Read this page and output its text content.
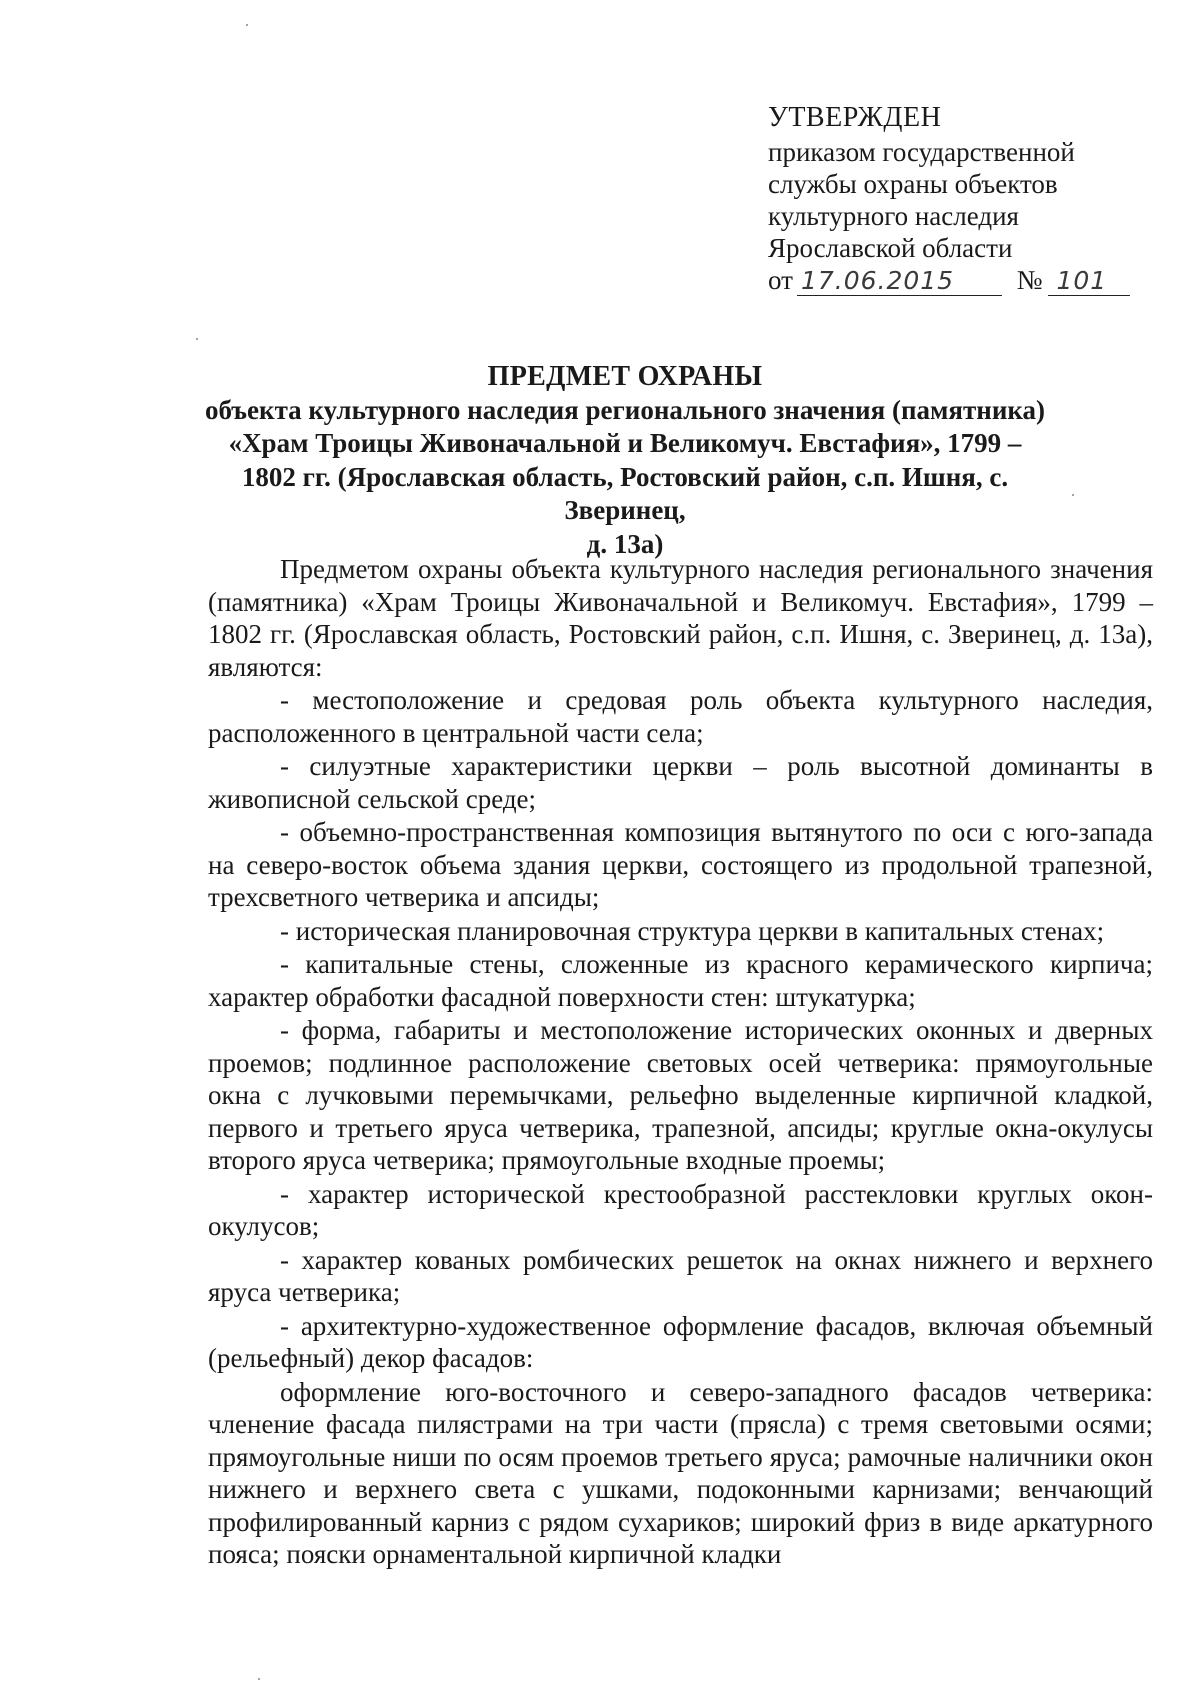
УТВЕРЖДЕН
приказом государственной
службы охраны объектов
культурного наследия
Ярославской области
от 17.06.2015 № 101
ПРЕДМЕТ ОХРАНЫ
объекта культурного наследия регионального значения (памятника)
«Храм Троицы Живоначальной и Великомуч. Евстафия», 1799 –
1802 гг. (Ярославская область, Ростовский район, с.п. Ишня, с. Зверинец,
д. 13а)

Предметом охраны объекта культурного наследия регионального значения (памятника) «Храм Троицы Живоначальной и Великомуч. Евстафия», 1799 – 1802 гг. (Ярославская область, Ростовский район, с.п. Ишня, с. Зверинец, д. 13а), являются:

- местоположение и средовая роль объекта культурного наследия, расположенного в центральной части села;

- силуэтные характеристики церкви – роль высотной доминанты в живописной сельской среде;

- объемно-пространственная композиция вытянутого по оси с юго-запада на северо-восток объема здания церкви, состоящего из продольной трапезной, трехсветного четверика и апсиды;

- историческая планировочная структура церкви в капитальных стенах;

- капитальные стены, сложенные из красного керамического кирпича; характер обработки фасадной поверхности стен: штукатурка;

- форма, габариты и местоположение исторических оконных и дверных проемов; подлинное расположение световых осей четверика: прямоугольные окна с лучковыми перемычками, рельефно выделенные кирпичной кладкой, первого и третьего яруса четверика, трапезной, апсиды; круглые окна-окулусы второго яруса четверика; прямоугольные входные проемы;

- характер исторической крестообразной расстекловки круглых окон-окулусов;

- характер кованых ромбических решеток на окнах нижнего и верхнего яруса четверика;

- архитектурно-художественное оформление фасадов, включая объемный (рельефный) декор фасадов:

оформление юго-восточного и северо-западного фасадов четверика: членение фасада пилястрами на три части (прясла) с тремя световыми осями; прямоугольные ниши по осям проемов третьего яруса; рамочные наличники окон нижнего и верхнего света с ушками, подоконными карнизами; венчающий профилированный карниз с рядом сухариков; широкий фриз в виде аркатурного пояса; пояски орнаментальной кирпичной кладки
